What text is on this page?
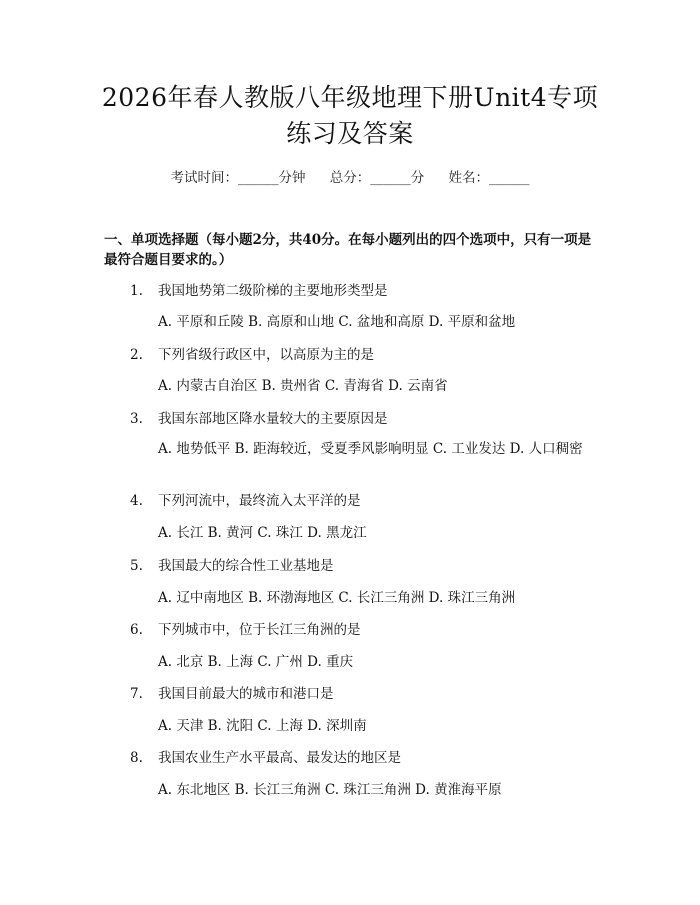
2026年春人教版八年级地理下册Unit4专项
练习及答案
考试时间：______分钟 总分：______分 姓名：______
一、单项选择题（每小题2分，共40分。在每小题列出的四个选项中，只有一项是最符合题目要求的。）
1. 我国地势第二级阶梯的主要地形类型是
A. 平原和丘陵 B. 高原和山地 C. 盆地和高原 D. 平原和盆地
2. 下列省级行政区中，以高原为主的是
A. 内蒙古自治区 B. 贵州省 C. 青海省 D. 云南省
3. 我国东部地区降水量较大的主要原因是
A. 地势低平 B. 距海较近，受夏季风影响明显 C. 工业发达 D. 人口稠密
4. 下列河流中，最终流入太平洋的是
A. 长江 B. 黄河 C. 珠江 D. 黑龙江
5. 我国最大的综合性工业基地是
A. 辽中南地区 B. 环渤海地区 C. 长江三角洲 D. 珠江三角洲
6. 下列城市中，位于长江三角洲的是
A. 北京 B. 上海 C. 广州 D. 重庆
7. 我国目前最大的城市和港口是
A. 天津 B. 沈阳 C. 上海 D. 深圳南
8. 我国农业生产水平最高、最发达的地区是
A. 东北地区 B. 长江三角洲 C. 珠江三角洲 D. 黄淮海平原
